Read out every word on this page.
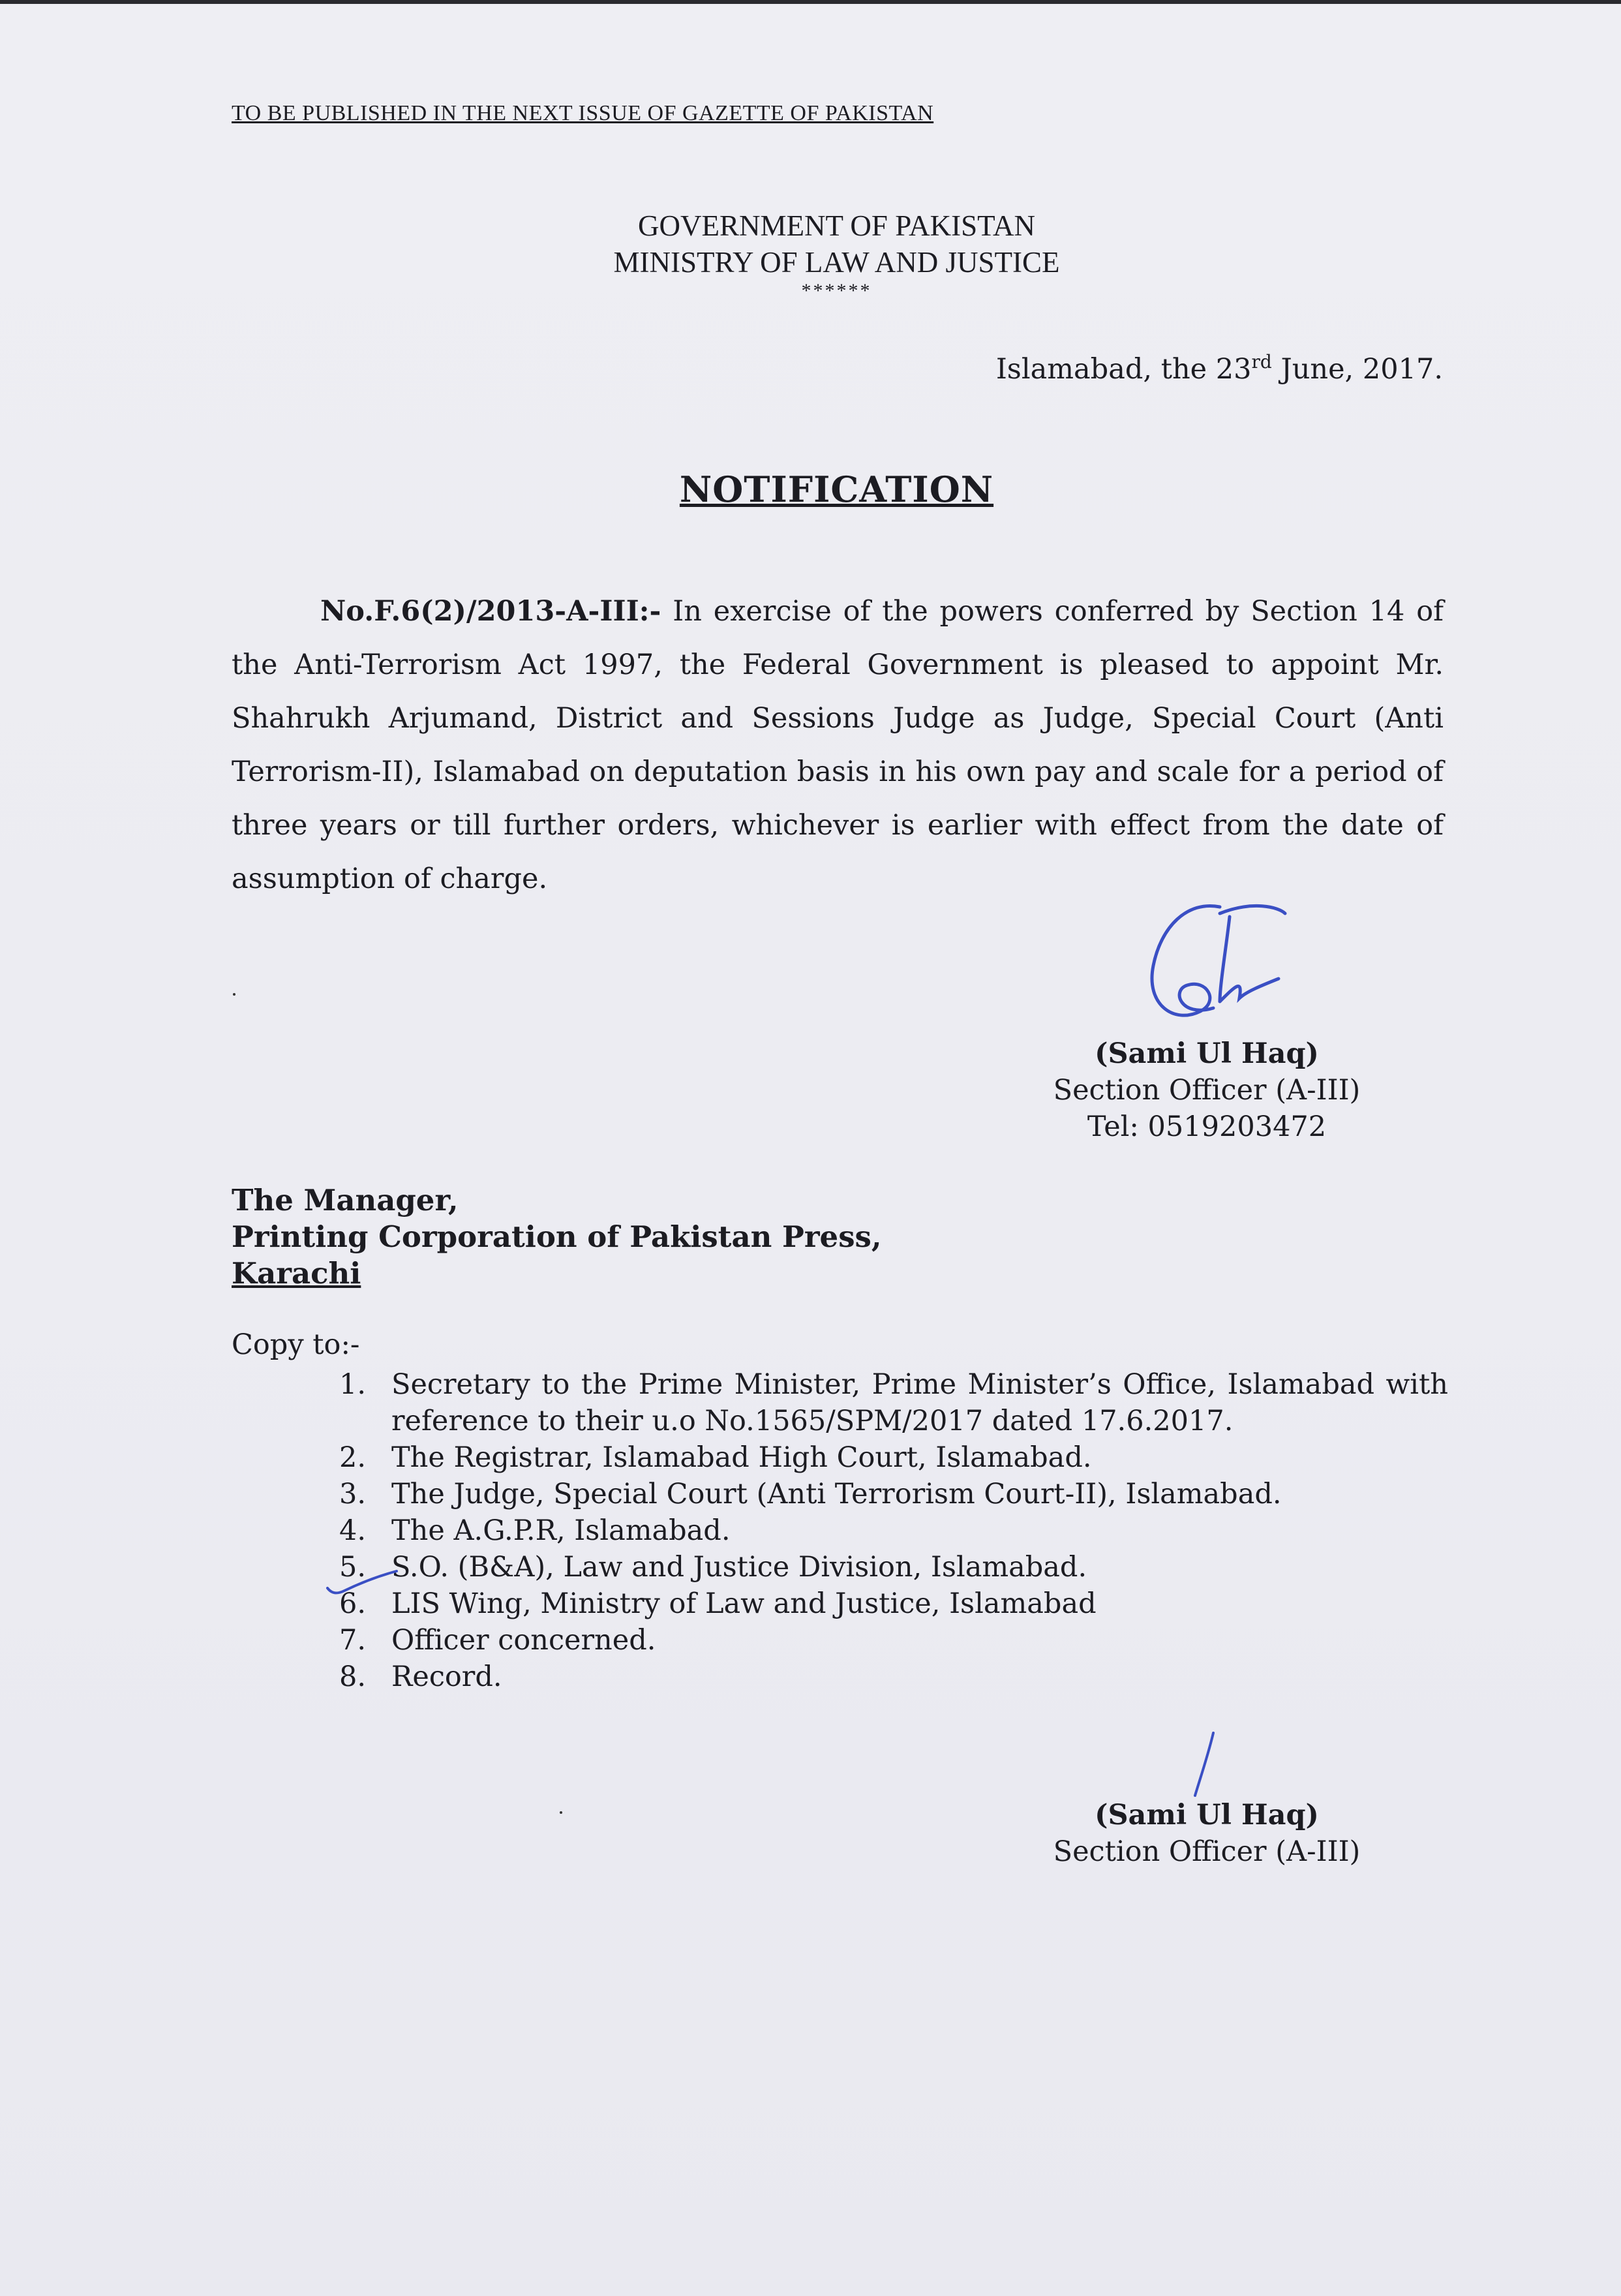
TO BE PUBLISHED IN THE NEXT ISSUE OF GAZETTE OF PAKISTAN
GOVERNMENT OF PAKISTAN
MINISTRY OF LAW AND JUSTICE
******
Islamabad, the 23rd June, 2017.
NOTIFICATION
No.F.6(2)/2013-A-III:- In exercise of the powers conferred by Section 14 of the Anti-Terrorism Act 1997, the Federal Government is pleased to appoint Mr. Shahrukh Arjumand, District and Sessions Judge as Judge, Special Court (Anti Terrorism-II), Islamabad on deputation basis in his own pay and scale for a period of three years or till further orders, whichever is earlier with effect from the date of assumption of charge.
(Sami Ul Haq)
Section Officer (A-III)
Tel: 0519203472
The Manager,
Printing Corporation of Pakistan Press,
Karachi
Copy to:-
1. Secretary to the Prime Minister, Prime Minister’s Office, Islamabad with reference to their u.o No.1565/SPM/2017 dated 17.6.2017.
2. The Registrar, Islamabad High Court, Islamabad.
3. The Judge, Special Court (Anti Terrorism Court-II), Islamabad.
4. The A.G.P.R, Islamabad.
5. S.O. (B&A), Law and Justice Division, Islamabad.
6. LIS Wing, Ministry of Law and Justice, Islamabad
7. Officer concerned.
8. Record.
(Sami Ul Haq)
Section Officer (A-III)
